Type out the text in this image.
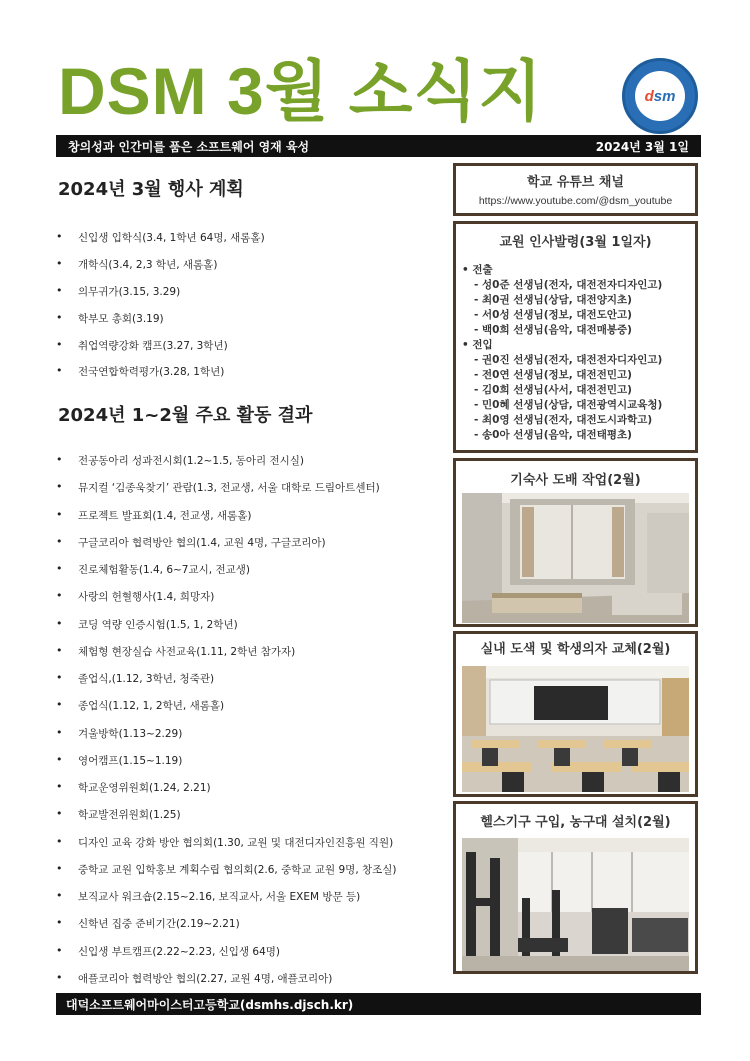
DSM 3월 소식지	dsm
창의성과 인간미를 품은 소프트웨어 영재 육성	2024년 3월 1일
2024년 3월 행사 계획
• 신입생 입학식(3.4, 1학년 64명, 새롬홀)
• 개학식(3.4, 2,3 학년, 새롬홀)
• 의무귀가(3.15, 3.29)
• 학부모 총회(3.19)
• 취업역량강화 캠프(3.27, 3학년)
• 전국연합학력평가(3.28, 1학년)
2024년 1~2월 주요 활동 결과
• 전공동아리 성과전시회(1.2~1.5, 동아리 전시실)
• 뮤지컬 ‘김종욱찾기’ 관람(1.3, 전교생, 서울 대학로 드림아트센터)
• 프로젝트 발표회(1.4, 전교생, 새롬홀)
• 구글코리아 협력방안 협의(1.4, 교원 4명, 구글코리아)
• 진로체험활동(1.4, 6~7교시, 전교생)
• 사랑의 헌혈행사(1.4, 희망자)
• 코딩 역량 인증시험(1.5, 1, 2학년)
• 체험형 현장실습 사전교육(1.11, 2학년 참가자)
• 졸업식,(1.12, 3학년, 청죽관)
• 종업식(1.12, 1, 2학년, 새롬홀)
• 겨울방학(1.13~2.29)
• 영어캠프(1.15~1.19)
• 학교운영위원회(1.24, 2.21)
• 학교발전위원회(1.25)
• 디자인 교육 강화 방안 협의회(1.30, 교원 및 대전디자인진흥원 직원)
• 중학교 교원 입학홍보 계획수립 협의회(2.6, 중학교 교원 9명, 창조실)
• 보직교사 워크숍(2.15~2.16, 보직교사, 서울 EXEM 방문 등)
• 신학년 집중 준비기간(2.19~2.21)
• 신입생 부트캠프(2.22~2.23, 신입생 64명)
• 애플코리아 협력방안 협의(2.27, 교원 4명, 애플코리아)
학교 유튜브 채널
https://www.youtube.com/@dsm_youtube
교원 인사발령(3월 1일자)
• 전출
- 성0준 선생님(전자, 대전전자디자인고)
- 최0권 선생님(상담, 대전양지초)
- 서0성 선생님(정보, 대전도안고)
- 백0희 선생님(음악, 대전매봉중)
• 전입
- 권0진 선생님(전자, 대전전자디자인고)
- 전0연 선생님(정보, 대전전민고)
- 김0희 선생님(사서, 대전전민고)
- 민0혜 선생님(상담, 대전광역시교육청)
- 최0영 선생님(전자, 대전도시과학고)
- 송0아 선생님(음악, 대전태평초)
기숙사 도배 작업(2월)
실내 도색 및 학생의자 교체(2월)
헬스기구 구입, 농구대 설치(2월)
대덕소프트웨어마이스터고등학교(dsmhs.djsch.kr)
